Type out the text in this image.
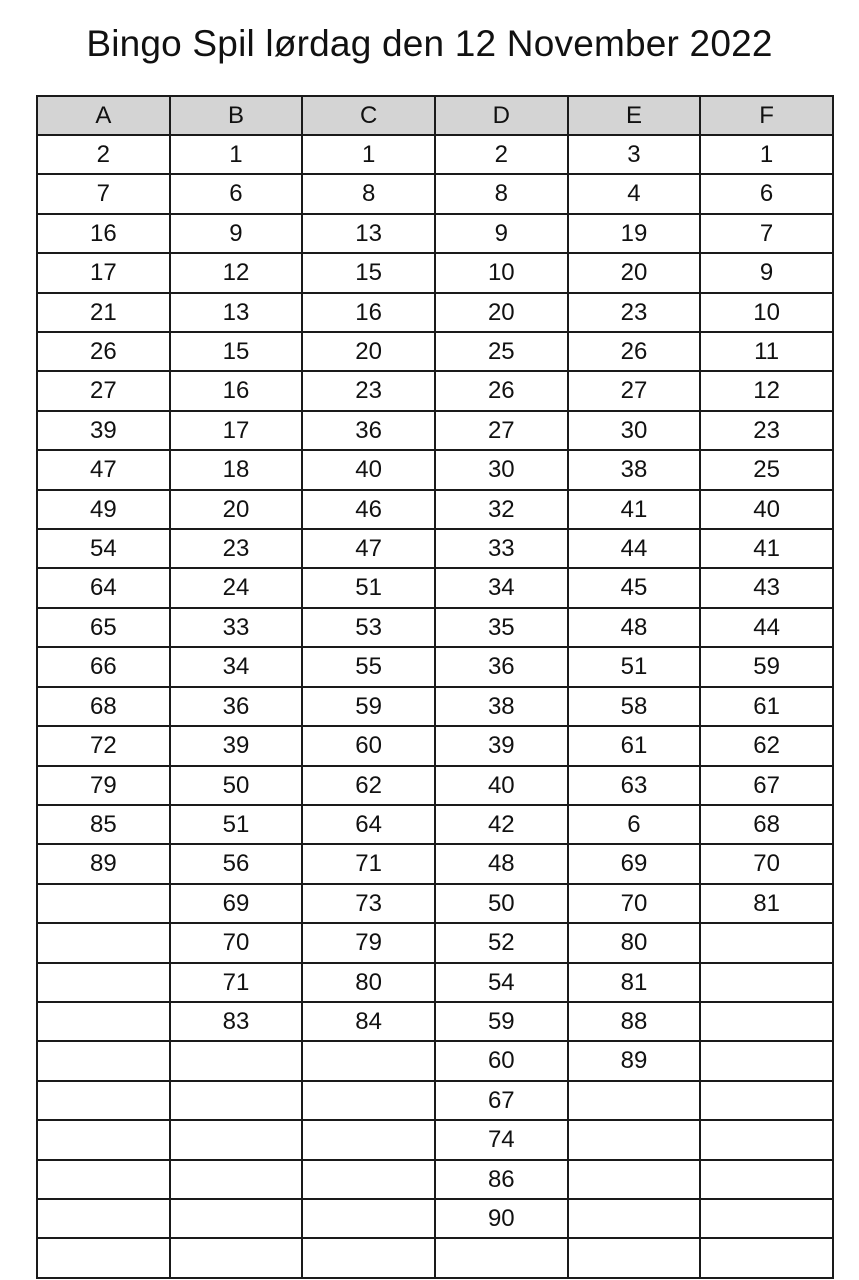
Bingo Spil lørdag den 12 November 2022
A	B	C	D	E	F
2	1	1	2	3	1
7	6	8	8	4	6
16	9	13	9	19	7
17	12	15	10	20	9
21	13	16	20	23	10
26	15	20	25	26	11
27	16	23	26	27	12
39	17	36	27	30	23
47	18	40	30	38	25
49	20	46	32	41	40
54	23	47	33	44	41
64	24	51	34	45	43
65	33	53	35	48	44
66	34	55	36	51	59
68	36	59	38	58	61
72	39	60	39	61	62
79	50	62	40	63	67
85	51	64	42	6	68
89	56	71	48	69	70
	69	73	50	70	81
	70	79	52	80	
	71	80	54	81	
	83	84	59	88	
			60	89	
			67		
			74		
			86		
			90		
